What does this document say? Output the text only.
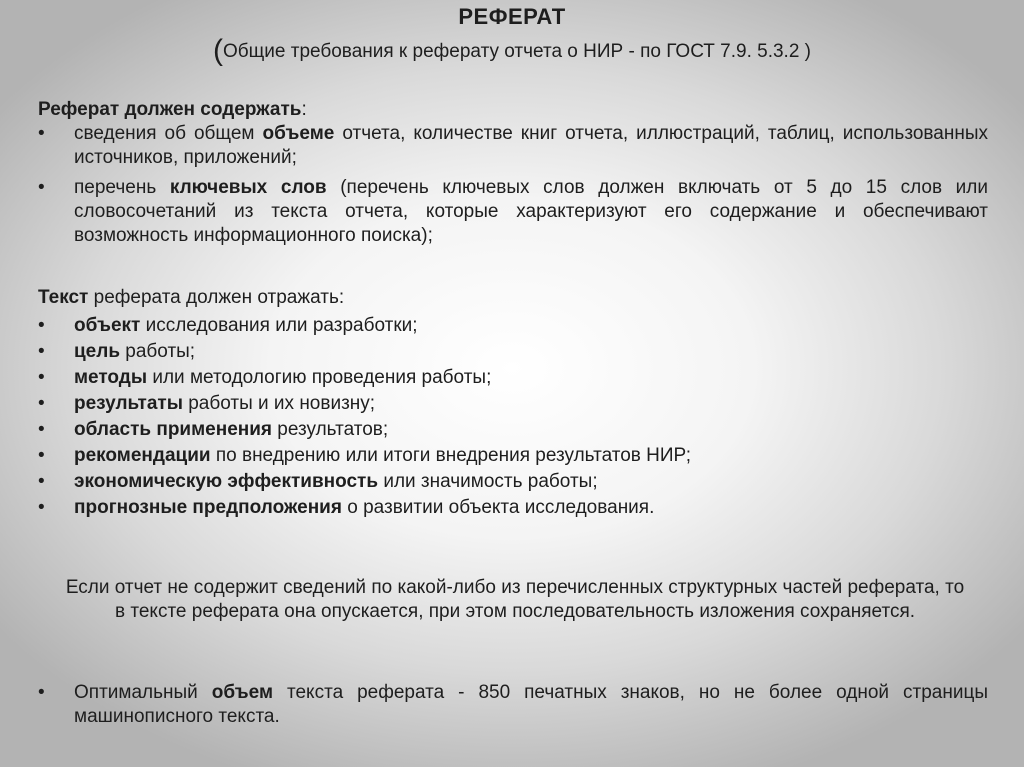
РЕФЕРАТ
(Общие требования к реферату отчета о НИР - по ГОСТ 7.9. 5.3.2 )

Реферат должен содержать:

• сведения об общем объеме отчета, количестве книг отчета, иллюстраций, таблиц, использованных источников, приложений;
• перечень ключевых слов (перечень ключевых слов должен включать от 5 до 15 слов или словосочетаний из текста отчета, которые характеризуют его содержание и обеспечивают возможность информационного поиска);

Текст реферата должен отражать:

• объект исследования или разработки;
• цель работы;
• методы или методологию проведения работы;
• результаты работы и их новизну;
• область применения результатов;
• рекомендации по внедрению или итоги внедрения результатов НИР;
• экономическую эффективность или значимость работы;
• прогнозные предположения о развитии объекта исследования.
Если отчет не содержит сведений по какой-либо из перечисленных структурных частей реферата, то в тексте реферата она опускается, при этом последовательность изложения сохраняется.
• Оптимальный объем текста реферата - 850 печатных знаков, но не более одной страницы машинописного текста.
